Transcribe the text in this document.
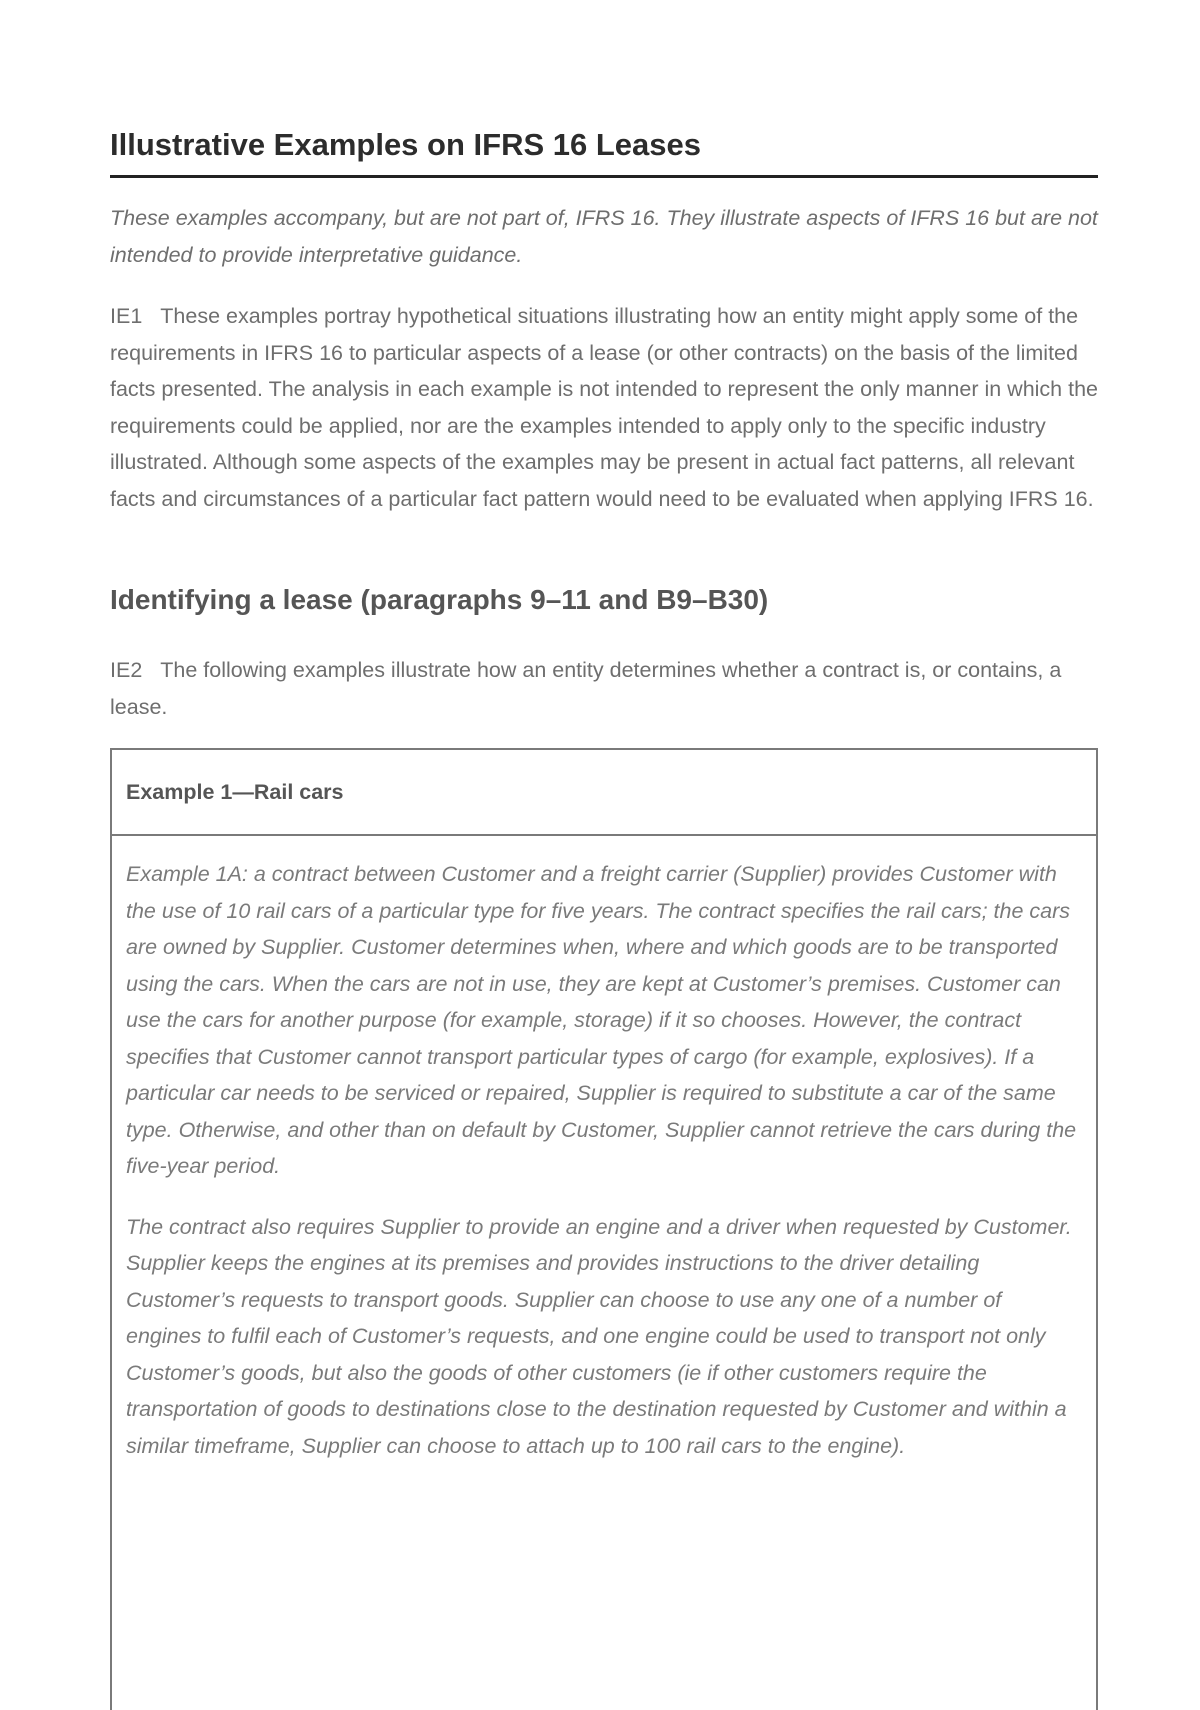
Illustrative Examples on IFRS 16 Leases

These examples accompany, but are not part of, IFRS 16. They illustrate aspects of IFRS 16 but are not intended to provide interpretative guidance.

IE1 These examples portray hypothetical situations illustrating how an entity might apply some of the requirements in IFRS 16 to particular aspects of a lease (or other contracts) on the basis of the limited facts presented. The analysis in each example is not intended to represent the only manner in which the requirements could be applied, nor are the examples intended to apply only to the specific industry illustrated. Although some aspects of the examples may be present in actual fact patterns, all relevant facts and circumstances of a particular fact pattern would need to be evaluated when applying IFRS 16.

Identifying a lease (paragraphs 9–11 and B9–B30)

IE2 The following examples illustrate how an entity determines whether a contract is, or contains, a lease.

Example 1—Rail cars

Example 1A: a contract between Customer and a freight carrier (Supplier) provides Customer with the use of 10 rail cars of a particular type for five years. The contract specifies the rail cars; the cars are owned by Supplier. Customer determines when, where and which goods are to be transported using the cars. When the cars are not in use, they are kept at Customer’s premises. Customer can use the cars for another purpose (for example, storage) if it so chooses. However, the contract specifies that Customer cannot transport particular types of cargo (for example, explosives). If a particular car needs to be serviced or repaired, Supplier is required to substitute a car of the same type. Otherwise, and other than on default by Customer, Supplier cannot retrieve the cars during the five-year period.

The contract also requires Supplier to provide an engine and a driver when requested by Customer. Supplier keeps the engines at its premises and provides instructions to the driver detailing Customer’s requests to transport goods. Supplier can choose to use any one of a number of engines to fulfil each of Customer’s requests, and one engine could be used to transport not only Customer’s goods, but also the goods of other customers (ie if other customers require the transportation of goods to destinations close to the destination requested by Customer and within a similar timeframe, Supplier can choose to attach up to 100 rail cars to the engine).
